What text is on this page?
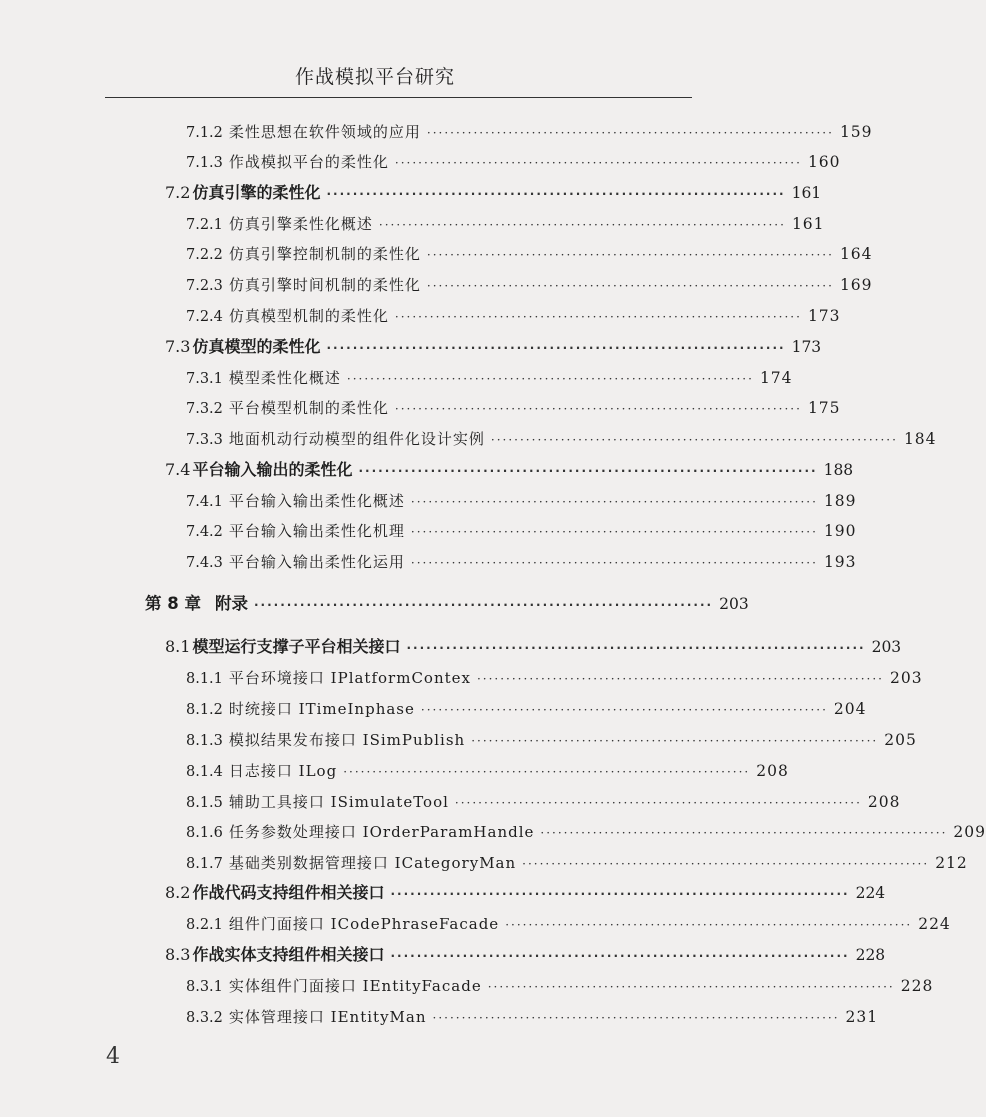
作战模拟平台研究
7.1.2 柔性思想在软件领域的应用 ······································································ 159
7.1.3 作战模拟平台的柔性化 ······································································ 160
7.2 仿真引擎的柔性化 ······································································ 161
7.2.1 仿真引擎柔性化概述 ······································································ 161
7.2.2 仿真引擎控制机制的柔性化 ······································································ 164
7.2.3 仿真引擎时间机制的柔性化 ······································································ 169
7.2.4 仿真模型机制的柔性化 ······································································ 173
7.3 仿真模型的柔性化 ······································································ 173
7.3.1 模型柔性化概述 ······································································ 174
7.3.2 平台模型机制的柔性化 ······································································ 175
7.3.3 地面机动行动模型的组件化设计实例 ······································································ 184
7.4 平台输入输出的柔性化 ······································································ 188
7.4.1 平台输入输出柔性化概述 ······································································ 189
7.4.2 平台输入输出柔性化机理 ······································································ 190
7.4.3 平台输入输出柔性化运用 ······································································ 193
第 8 章 附录 ······································································ 203
8.1 模型运行支撑子平台相关接口 ······································································ 203
8.1.1 平台环境接口 IPlatformContex ······································································ 203
8.1.2 时统接口 ITimeInphase ······································································ 204
8.1.3 模拟结果发布接口 ISimPublish ······································································ 205
8.1.4 日志接口 ILog ······································································ 208
8.1.5 辅助工具接口 ISimulateTool ······································································ 208
8.1.6 任务参数处理接口 IOrderParamHandle ······································································ 209
8.1.7 基础类别数据管理接口 ICategoryMan ······································································ 212
8.2 作战代码支持组件相关接口 ······································································ 224
8.2.1 组件门面接口 ICodePhraseFacade ······································································ 224
8.3 作战实体支持组件相关接口 ······································································ 228
8.3.1 实体组件门面接口 IEntityFacade ······································································ 228
8.3.2 实体管理接口 IEntityMan ······································································ 231
4
